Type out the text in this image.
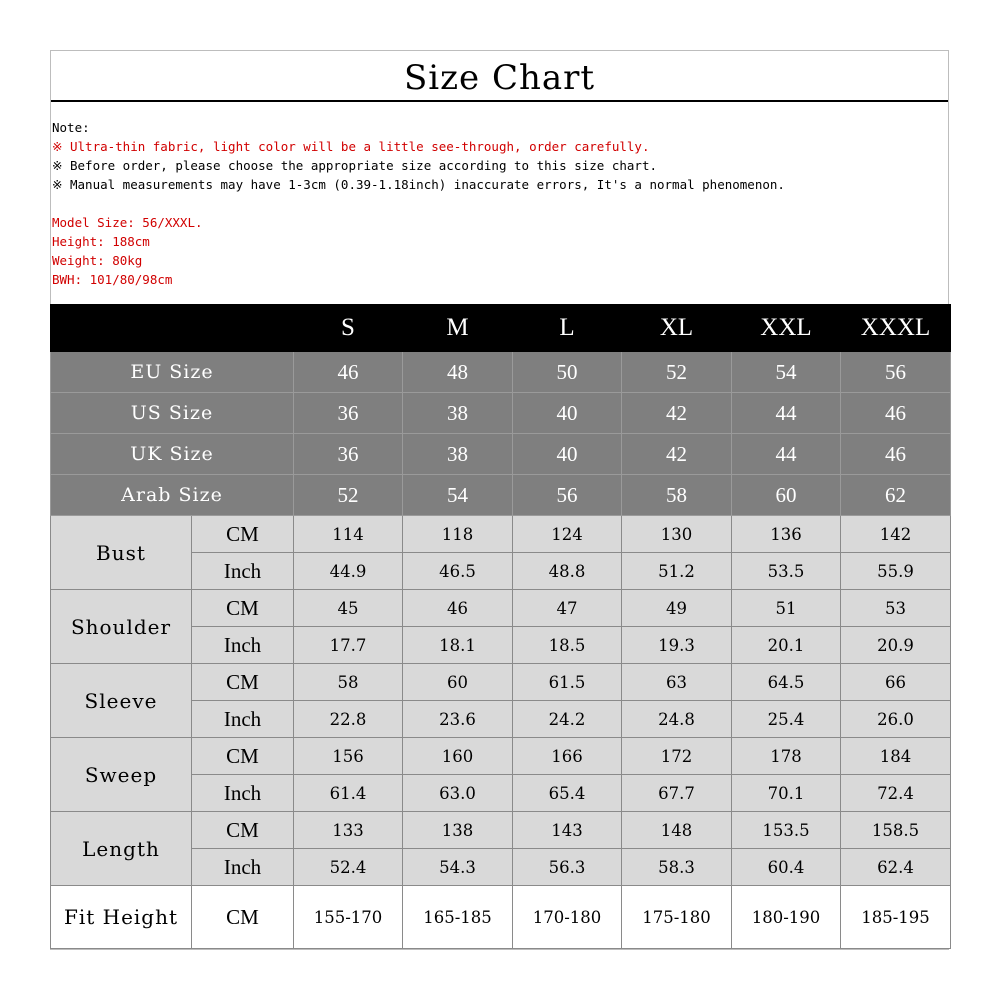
Size Chart
Note:
※ Ultra-thin fabric, light color will be a little see-through, order carefully.
※ Before order, please choose the appropriate size according to this size chart.
※ Manual measurements may have 1-3cm (0.39-1.18inch) inaccurate errors, It's a normal phenomenon.
Model Size: 56/XXXL.
Height: 188cm
Weight: 80kg
BWH: 101/80/98cm
		S	M	L	XL	XXL	XXXL
EU Size		46	48	50	52	54	56
US Size		36	38	40	42	44	46
UK Size		36	38	40	42	44	46
Arab Size		52	54	56	58	60	62
Bust	CM	114	118	124	130	136	142
	Inch	44.9	46.5	48.8	51.2	53.5	55.9
Shoulder	CM	45	46	47	49	51	53
	Inch	17.7	18.1	18.5	19.3	20.1	20.9
Sleeve	CM	58	60	61.5	63	64.5	66
	Inch	22.8	23.6	24.2	24.8	25.4	26.0
Sweep	CM	156	160	166	172	178	184
	Inch	61.4	63.0	65.4	67.7	70.1	72.4
Length	CM	133	138	143	148	153.5	158.5
	Inch	52.4	54.3	56.3	58.3	60.4	62.4
Fit Height	CM	155-170	165-185	170-180	175-180	180-190	185-195
